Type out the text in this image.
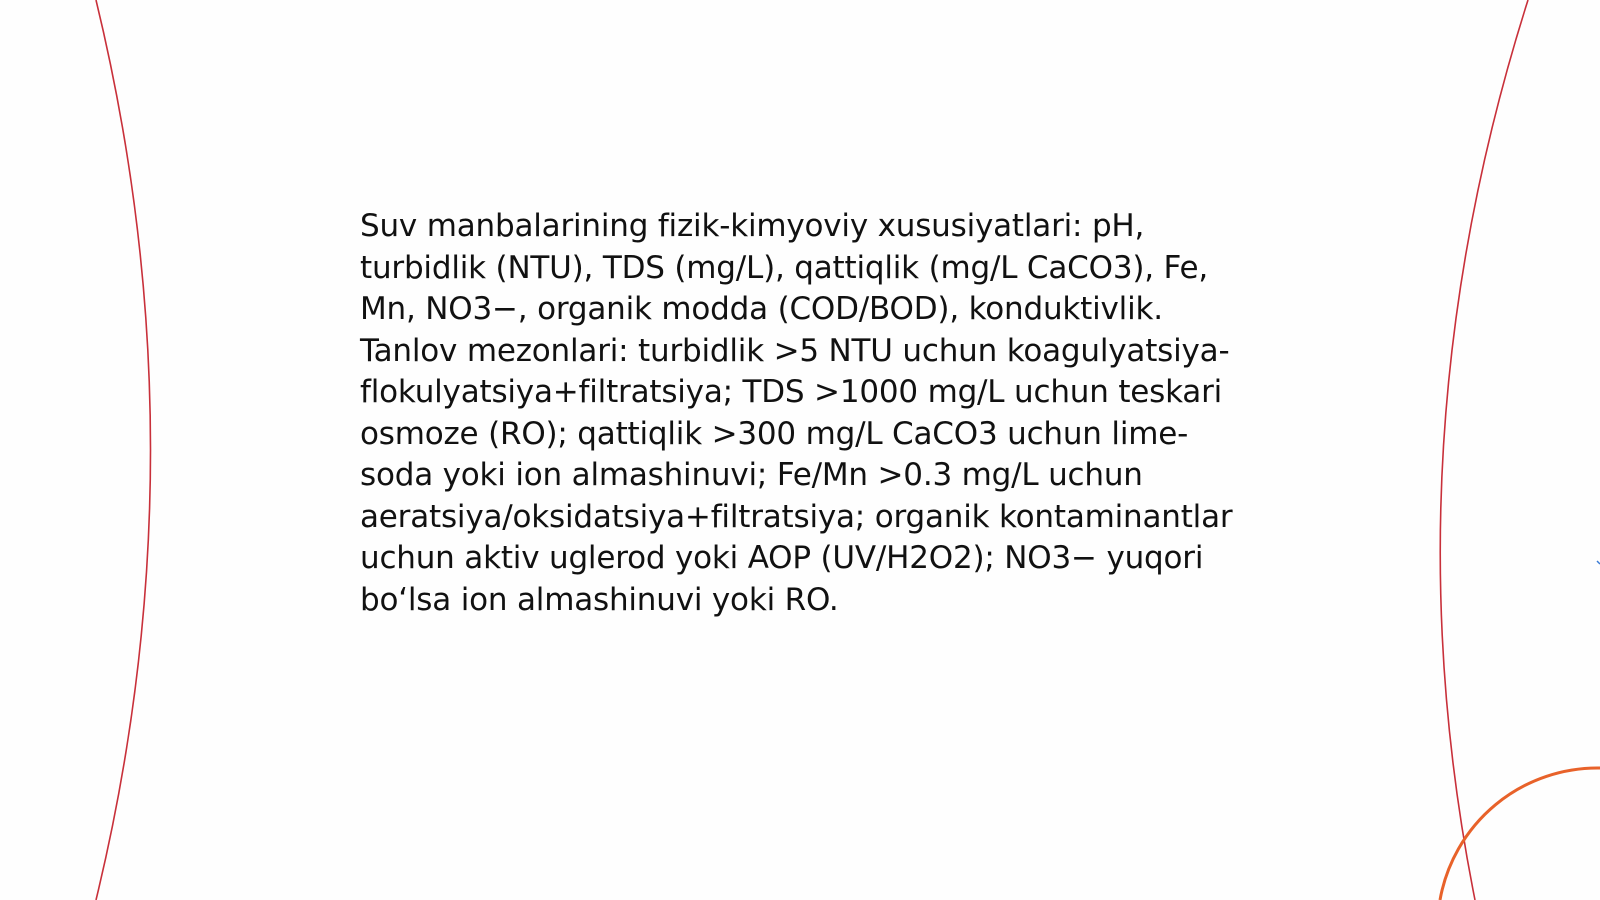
Suv manbalarining fizik-kimyoviy xususiyatlari: pH, turbidlik (NTU), TDS (mg/L), qattiqlik (mg/L CaCO3), Fe, Mn, NO3−, organik modda (COD/BOD), konduktivlik. Tanlov mezonlari: turbidlik >5 NTU uchun koagulyatsiya-flokulyatsiya+filtratsiya; TDS >1000 mg/L uchun teskari osmoze (RO); qattiqlik >300 mg/L CaCO3 uchun lime-soda yoki ion almashinuvi; Fe/Mn >0.3 mg/L uchun aeratsiya/oksidatsiya+filtratsiya; organik kontaminantlar uchun aktiv uglerod yoki AOP (UV/H2O2); NO3− yuqori bo‘lsa ion almashinuvi yoki RO.
